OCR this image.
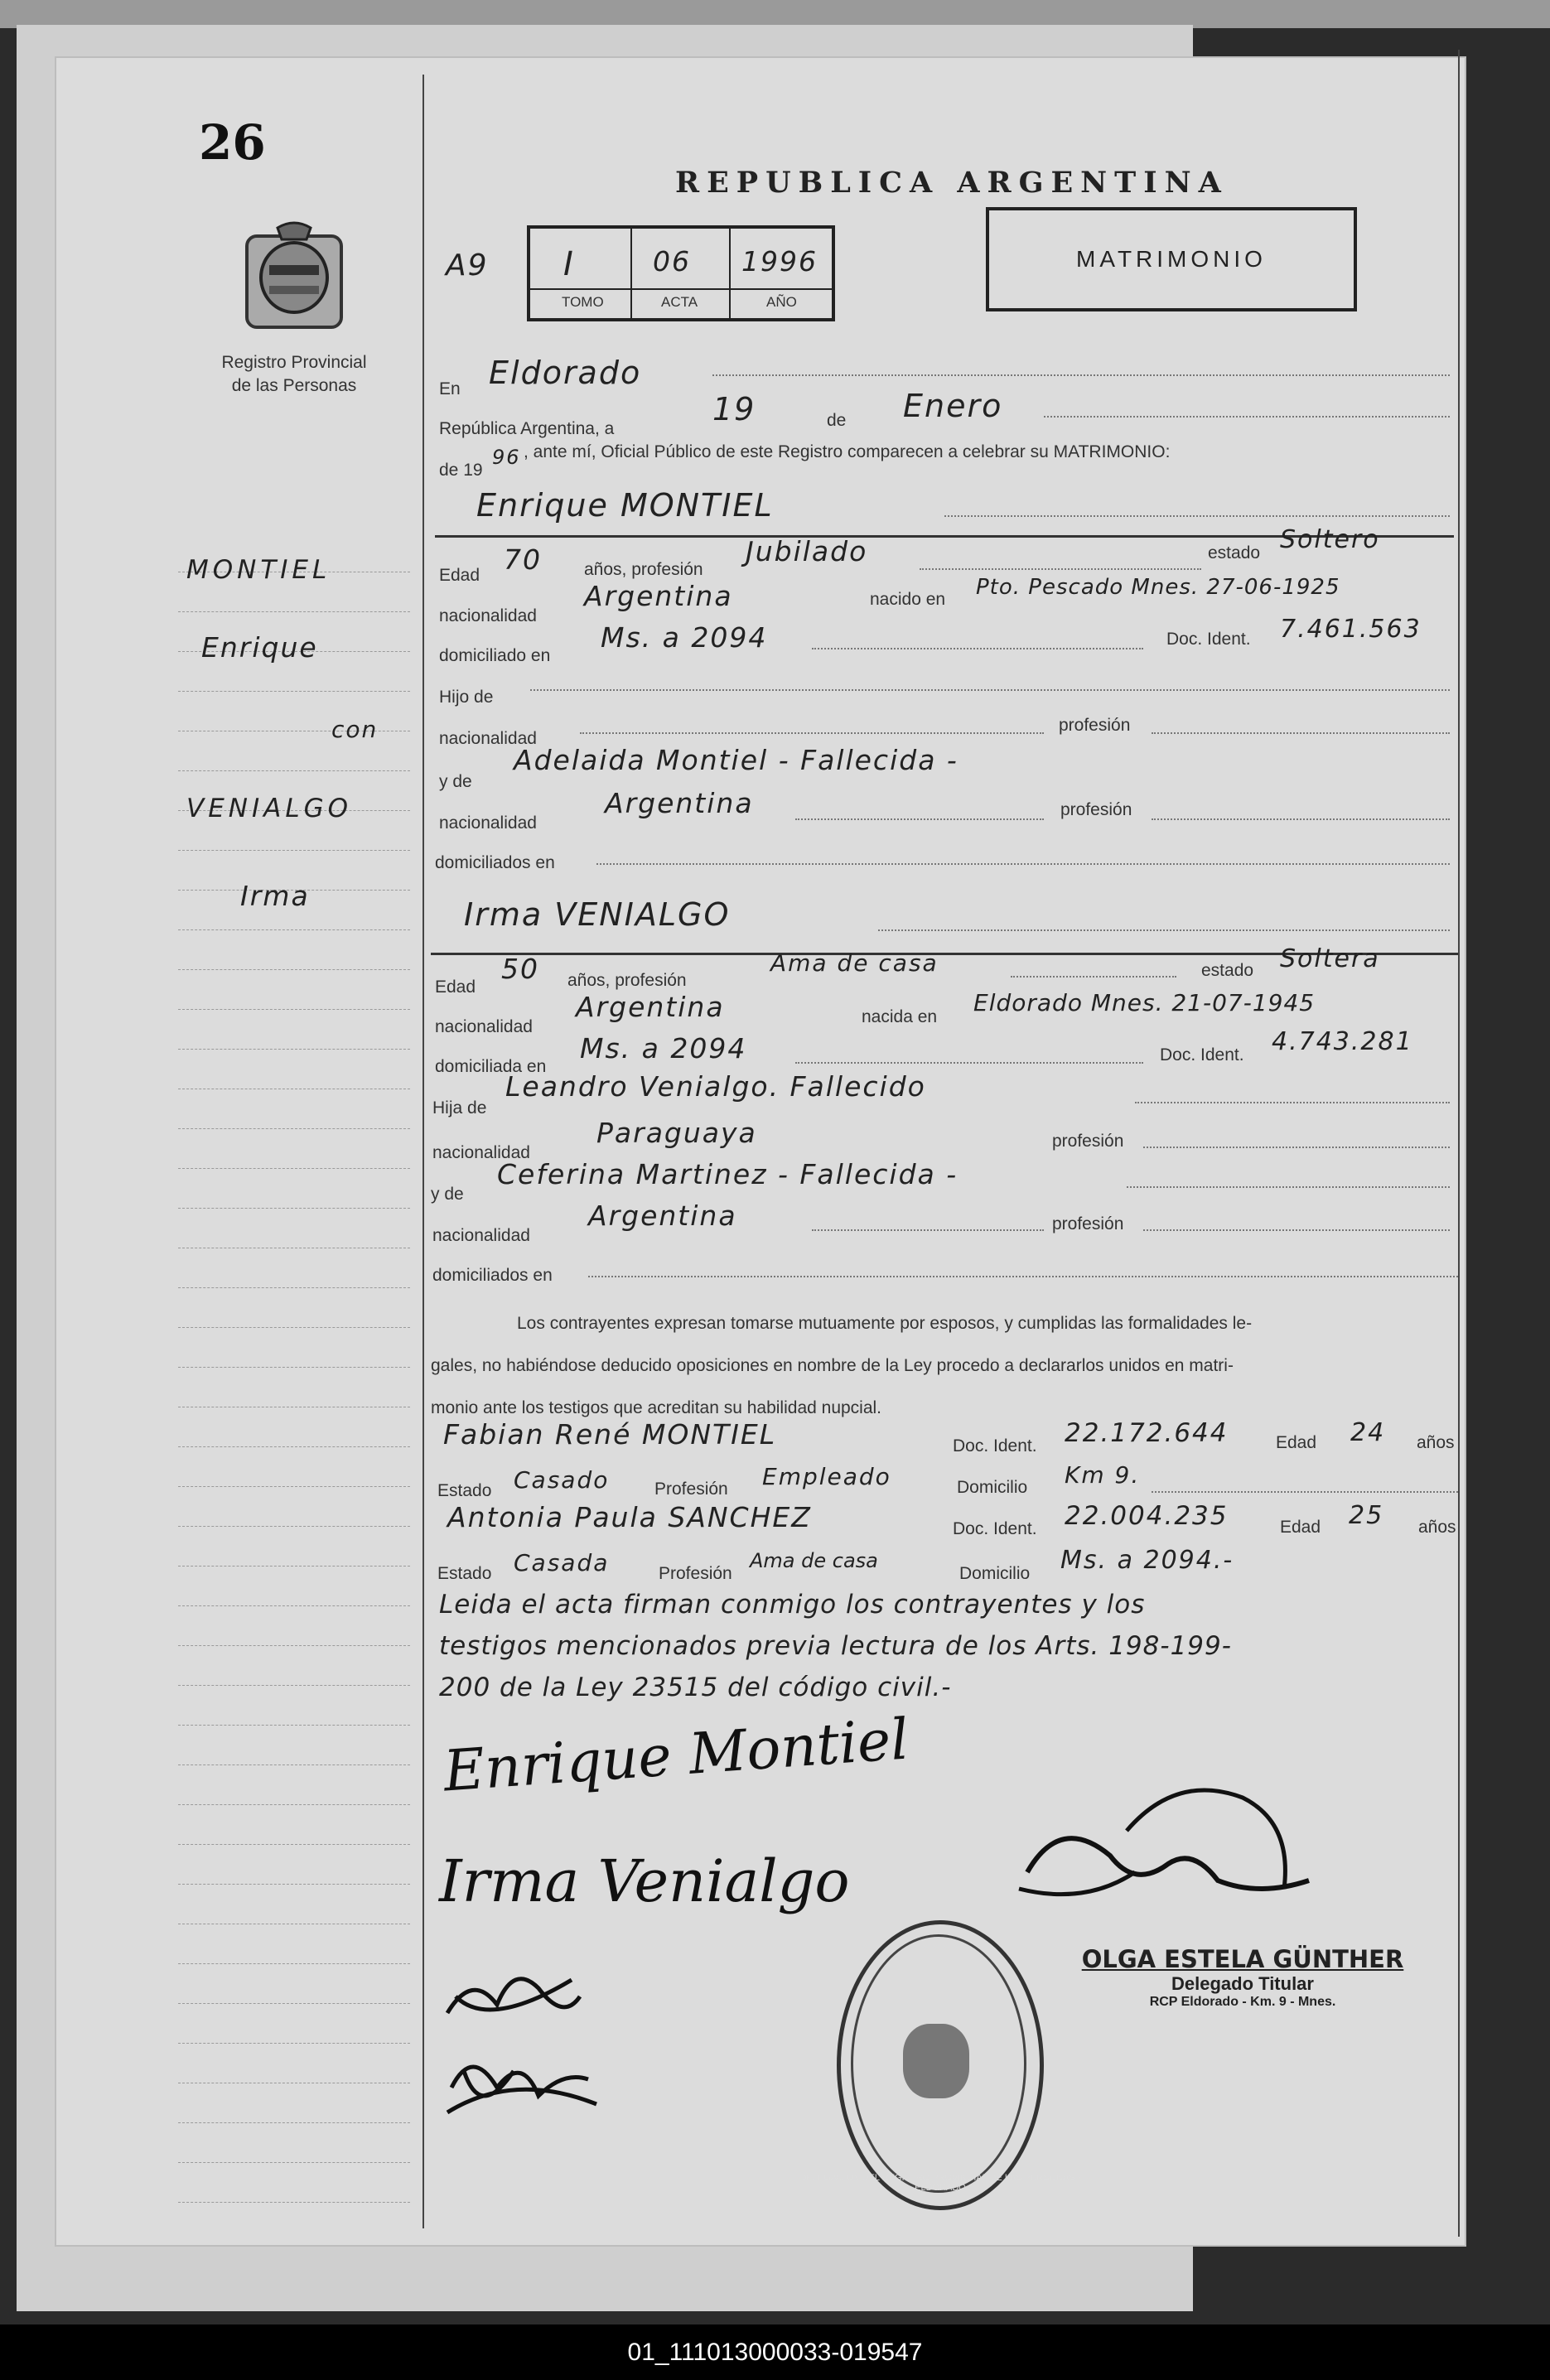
26
Registro Provincial
de las Personas
REPUBLICA ARGENTINA
A9 I	06 1996
TOMO	ACTA	AÑO
MATRIMONIO
En Eldorado
República Argentina, a
19	de Enero
de 19
96 , ante mí, Oficial Público de este Registro comparecen a celebrar su MATRIMONIO:
Enrique MONTIEL
Edad 70 años, profesión
Jubilado	estado Soltero
nacionalidad
Argentina	nacido en Pto. Pescado Mnes. 27-06-1925
domiciliado en
Ms. a 2094	Doc. Ident. 7.461.563
Hijo de
nacionalidad
profesión
y de
Adelaida Montiel - Fallecida -
nacionalidad
Argentina	profesión
domiciliados en
Irma VENIALGO
Edad
50 años, profesión
Ama de casa	estado Soltera
nacionalidad
Argentina	nacida en
Eldorado Mnes. 21-07-1945
domiciliada en
Ms. a 2094	Doc. Ident. 4.743.281
Hija de
Leandro Venialgo. Fallecido
nacionalidad
Paraguaya	profesión
y de
Ceferina Martinez - Fallecida -
nacionalidad
Argentina	profesión
domiciliados en
Los contrayentes expresan tomarse mutuamente por esposos, y cumplidas las formalidades le-
gales, no habiéndose deducido oposiciones en nombre de la Ley procedo a declararlos unidos en matri-
monio ante los testigos que acreditan su habilidad nupcial.
Fabian René MONTIEL	Doc. Ident. 22.172.644	Edad 24 años
Estado Casado	Profesión Empleado	Domicilio Km 9.
Antonia Paula SANCHEZ	Doc. Ident. 22.004.235	Edad 25 años
Estado Casada	Profesión
Ama de casa
Domicilio Ms. a 2094.-
Leida el acta firman conmigo los contrayentes y los
testigos mencionados previa lectura de los Arts. 198-199-
200 de la Ley 23515 del código civil.-
Enrique Montiel
Irma Venialgo
DELEGACION DEL REGISTRO PROVINCIAL DE LAS PERSONAS · ELDORADO
OLGA ESTELA GÜNTHER
Delegado Titular
RCP Eldorado - Km. 9 - Mnes.
MONTIEL
Enrique
con
VENIALGO
Irma
01_111013000033-019547
